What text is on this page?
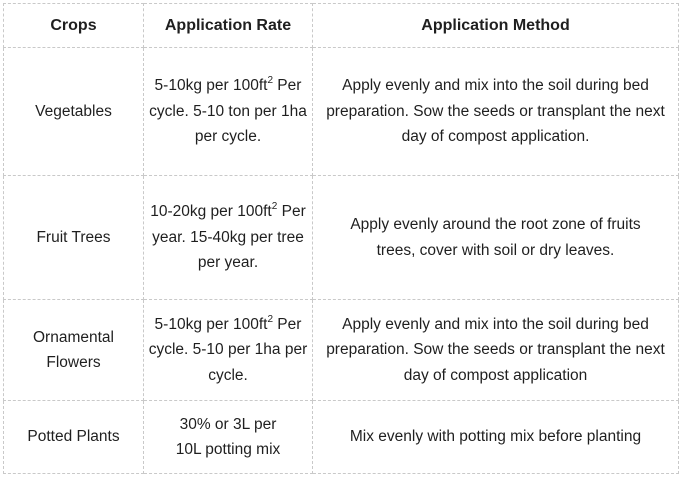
Crops	Application Rate	Application Method
Vegetables	5-10kg per $100ft^2$ Per cycle. 5-10 ton per 1ha per cycle.	Apply evenly and mix into the soil during bed preparation. Sow the seeds or transplant the next day of compost application.
Fruit Trees	10-20kg per $100ft^2$ Per year. 15-40kg per tree per year.	Apply evenly around the root zone of fruits trees, cover with soil or dry leaves.
Ornamental Flowers	5-10kg per $100ft^2$ Per cycle. 5-10 per 1ha per cycle.	Apply evenly and mix into the soil during bed preparation. Sow the seeds or transplant the next day of compost application
Potted Plants	30% or 3L per 10L potting mix	Mix evenly with potting mix before planting
